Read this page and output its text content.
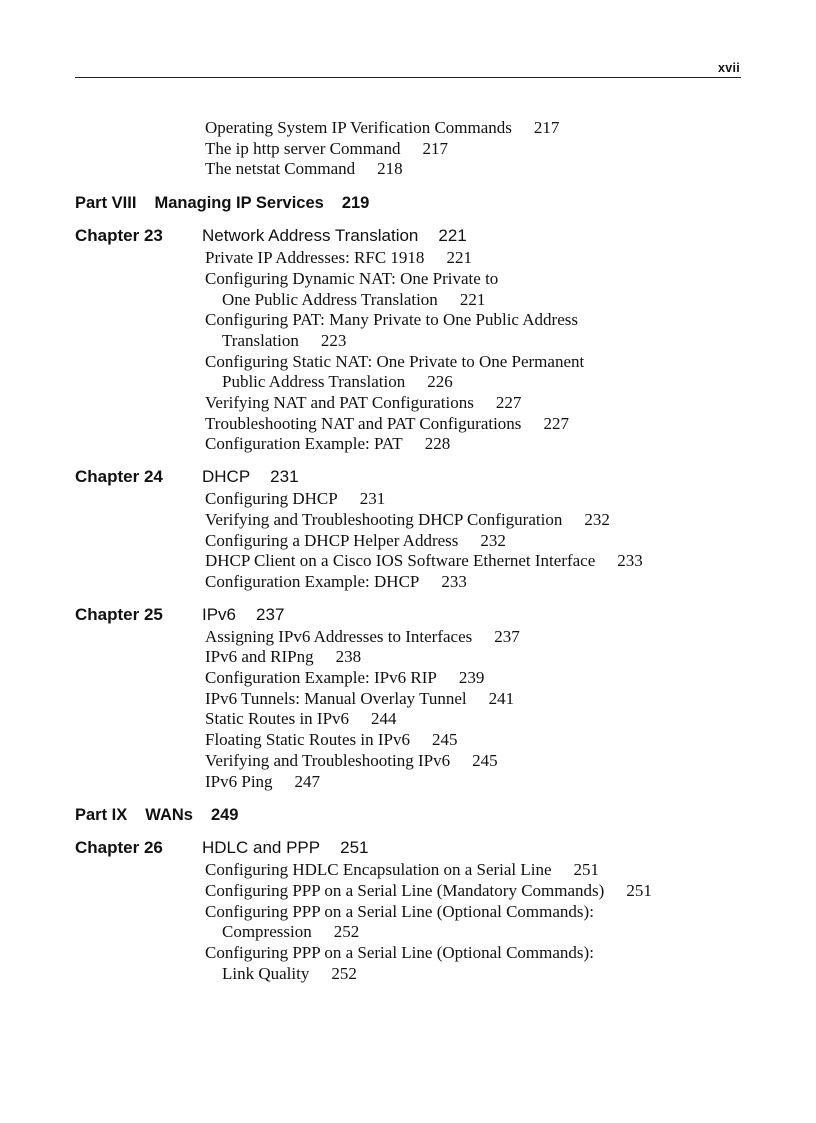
xvii
Operating System IP Verification Commands 217
The ip http server Command 217
The netstat Command 218
Part VIII Managing IP Services 219
Chapter 23 Network Address Translation 221
Private IP Addresses: RFC 1918 221
Configuring Dynamic NAT: One Private to
One Public Address Translation 221
Configuring PAT: Many Private to One Public Address
Translation 223
Configuring Static NAT: One Private to One Permanent
Public Address Translation 226
Verifying NAT and PAT Configurations 227
Troubleshooting NAT and PAT Configurations 227
Configuration Example: PAT 228
Chapter 24 DHCP 231
Configuring DHCP 231
Verifying and Troubleshooting DHCP Configuration 232
Configuring a DHCP Helper Address 232
DHCP Client on a Cisco IOS Software Ethernet Interface 233
Configuration Example: DHCP 233
Chapter 25 IPv6 237
Assigning IPv6 Addresses to Interfaces 237
IPv6 and RIPng 238
Configuration Example: IPv6 RIP 239
IPv6 Tunnels: Manual Overlay Tunnel 241
Static Routes in IPv6 244
Floating Static Routes in IPv6 245
Verifying and Troubleshooting IPv6 245
IPv6 Ping 247
Part IX WANs 249
Chapter 26 HDLC and PPP 251
Configuring HDLC Encapsulation on a Serial Line 251
Configuring PPP on a Serial Line (Mandatory Commands) 251
Configuring PPP on a Serial Line (Optional Commands):
Compression 252
Configuring PPP on a Serial Line (Optional Commands):
Link Quality 252
